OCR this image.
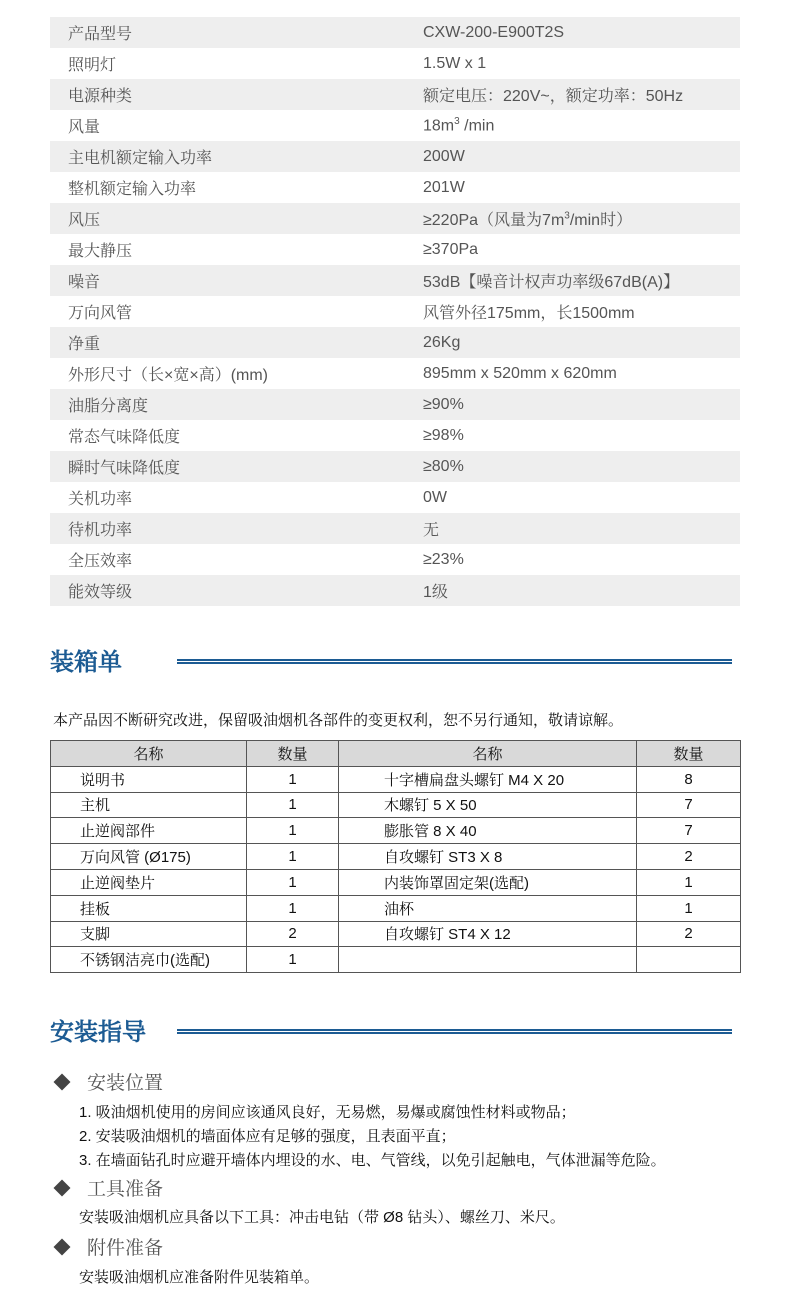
产品型号	CXW-200-E900T2S
照明灯	1.5W x 1
电源种类	额定电压：220V~，额定功率：50Hz
风量	$18m^3$ /min
主电机额定输入功率	200W
整机额定输入功率	201W
风压	≥220Pa（风量为$7m^3/\min$时）
最大静压	≥370Pa
噪音	53dB【噪音计权声功率级67dB(A)】
万向风管	风管外径175mm，长1500mm
净重	26Kg
外形尺寸（长×宽×高）(mm)	895mm x 520mm x 620mm
油脂分离度	≥90%
常态气味降低度	≥98%
瞬时气味降低度	≥80%
关机功率	0W
待机功率	无
全压效率	≥23%
能效等级	1级
装箱单
本产品因不断研究改进，保留吸油烟机各部件的变更权利，恕不另行通知，敬请谅解。
名称	数量	名称	数量
说明书	1	十字槽扁盘头螺钉 M4 X 20	8
主机	1	木螺钉 5 X 50	7
止逆阀部件	1	膨胀管 8 X 40	7
万向风管 (Ø175)	1	自攻螺钉 ST3 X 8	2
止逆阀垫片	1	内装饰罩固定架(选配)	1
挂板	1	油杯	1
支脚	2	自攻螺钉 ST4 X 12	2
不锈钢洁亮巾(选配)	1		
安装指导
安装位置
1. 吸油烟机使用的房间应该通风良好，无易燃，易爆或腐蚀性材料或物品；
2. 安装吸油烟机的墙面体应有足够的强度，且表面平直；
3. 在墙面钻孔时应避开墙体内埋设的水、电、气管线，以免引起触电，气体泄漏等危险。
工具准备
安装吸油烟机应具备以下工具：冲击电钻（带 Ø8 钻头）、螺丝刀、米尺。
附件准备
安装吸油烟机应准备附件见装箱单。
